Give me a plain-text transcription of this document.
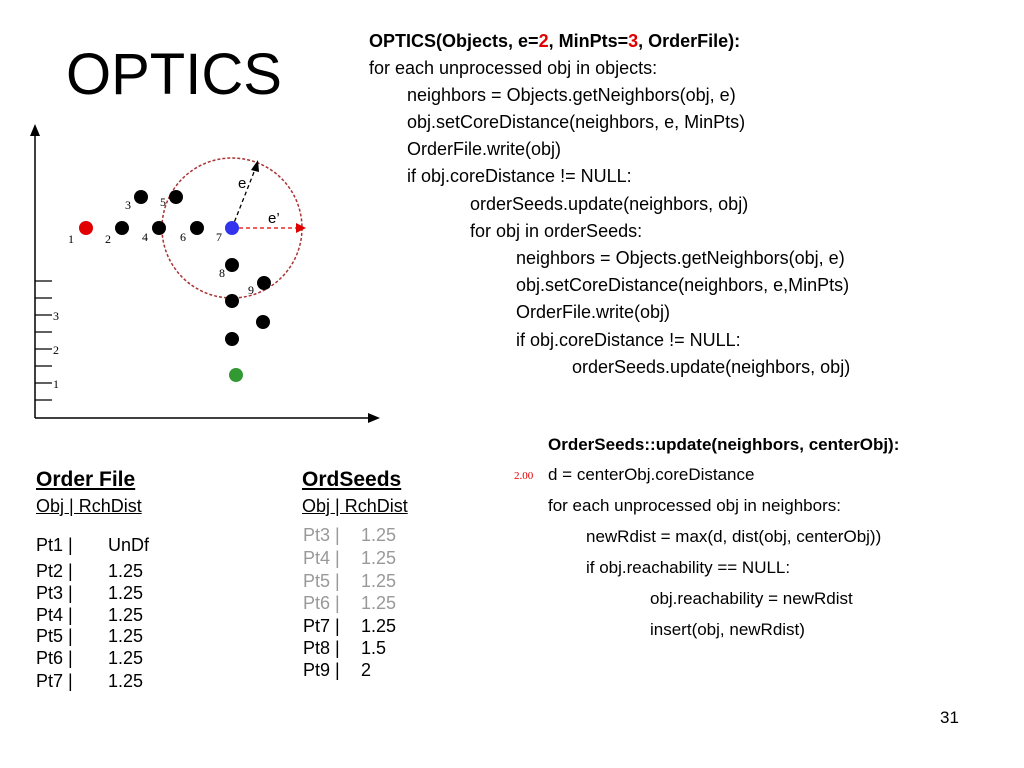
OPTICS
OPTICS(Objects, e=2, MinPts=3, OrderFile):
for each unprocessed obj in objects:
neighbors = Objects.getNeighbors(obj, e)
obj.setCoreDistance(neighbors, e, MinPts)
OrderFile.write(obj)
if obj.coreDistance != NULL:
orderSeeds.update(neighbors, obj)
for obj in orderSeeds:
neighbors = Objects.getNeighbors(obj, e)
obj.setCoreDistance(neighbors, e,MinPts)
OrderFile.write(obj)
if obj.coreDistance != NULL:
orderSeeds.update(neighbors, obj)
3
2
1
e
e’
1	2
3
4
5
6	7
8
9
Order File
Obj | RchDist
Pt1 | UnDf
Pt2 | 1.25
Pt3 | 1.25
Pt4 | 1.25
Pt5 | 1.25
Pt6 | 1.25
Pt7 | 1.25
OrdSeeds
Obj | RchDist
Pt3 | 1.25
Pt4 | 1.25
Pt5 | 1.25
Pt6 | 1.25
Pt7 | 1.25
Pt8 | 1.5
Pt9 | 2
OrderSeeds::update(neighbors, centerObj):
d = centerObj.coreDistance
for each unprocessed obj in neighbors:
newRdist = max(d, dist(obj, centerObj))
if obj.reachability == NULL:
obj.reachability = newRdist
insert(obj, newRdist)
2.00
31
